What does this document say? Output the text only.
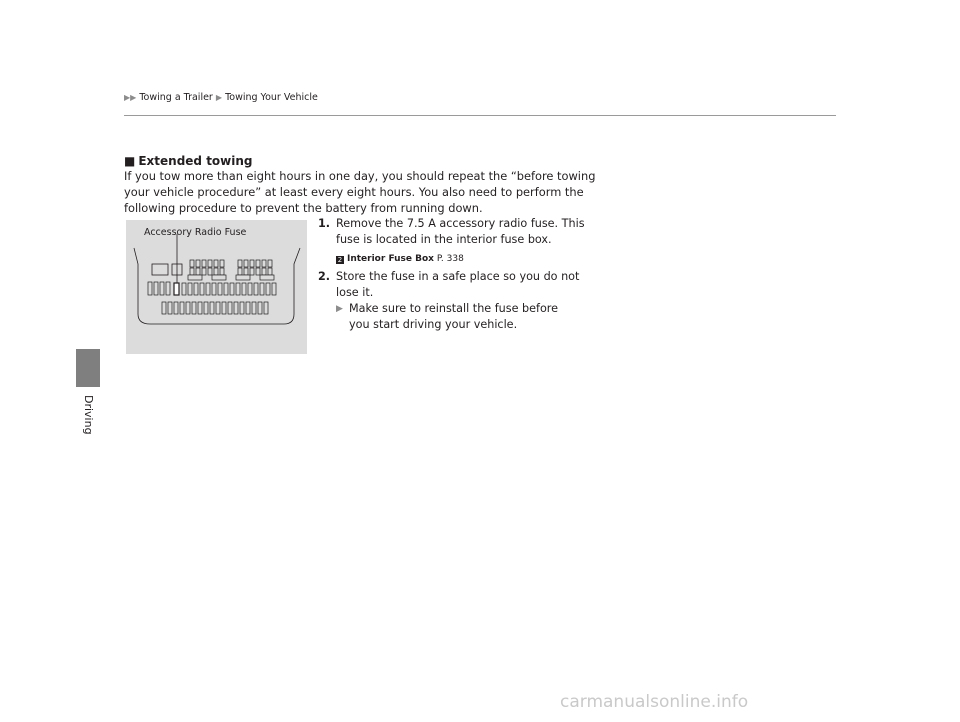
▶▶ Towing a Trailer ▶ Towing Your Vehicle
Driving
■ Extended towing
If you tow more than eight hours in one day, you should repeat the “before towing
your vehicle procedure” at least every eight hours. You also need to perform the
following procedure to prevent the battery from running down.
Accessory Radio Fuse
1. Remove the 7.5 A accessory radio fuse. This
fuse is located in the interior fuse box.
2 Interior Fuse Box P. 338
2. Store the fuse in a safe place so you do not
lose it.
▶ Make sure to reinstall the fuse before
you start driving your vehicle.
carmanualsonline.info
